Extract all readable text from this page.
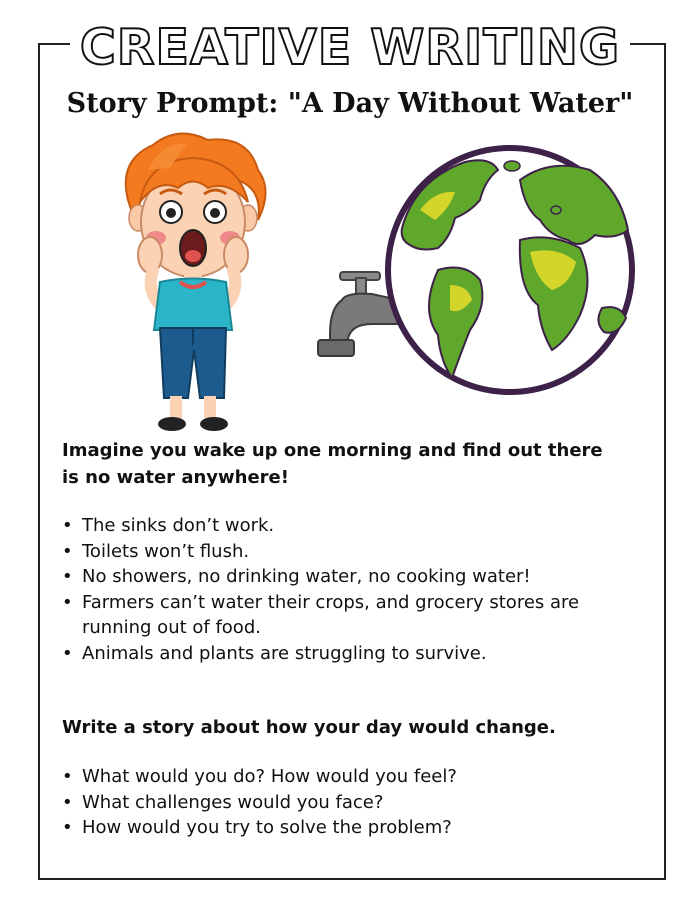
CREATIVE WRITING
Story Prompt: "A Day Without Water"
Imagine you wake up one morning and find out there is no water anywhere!
• The sinks don’t work.
• Toilets won’t flush.
• No showers, no drinking water, no cooking water!
• Farmers can’t water their crops, and grocery stores are running out of food.
• Animals and plants are struggling to survive.
Write a story about how your day would change.
• What would you do? How would you feel?
• What challenges would you face?
• How would you try to solve the problem?
